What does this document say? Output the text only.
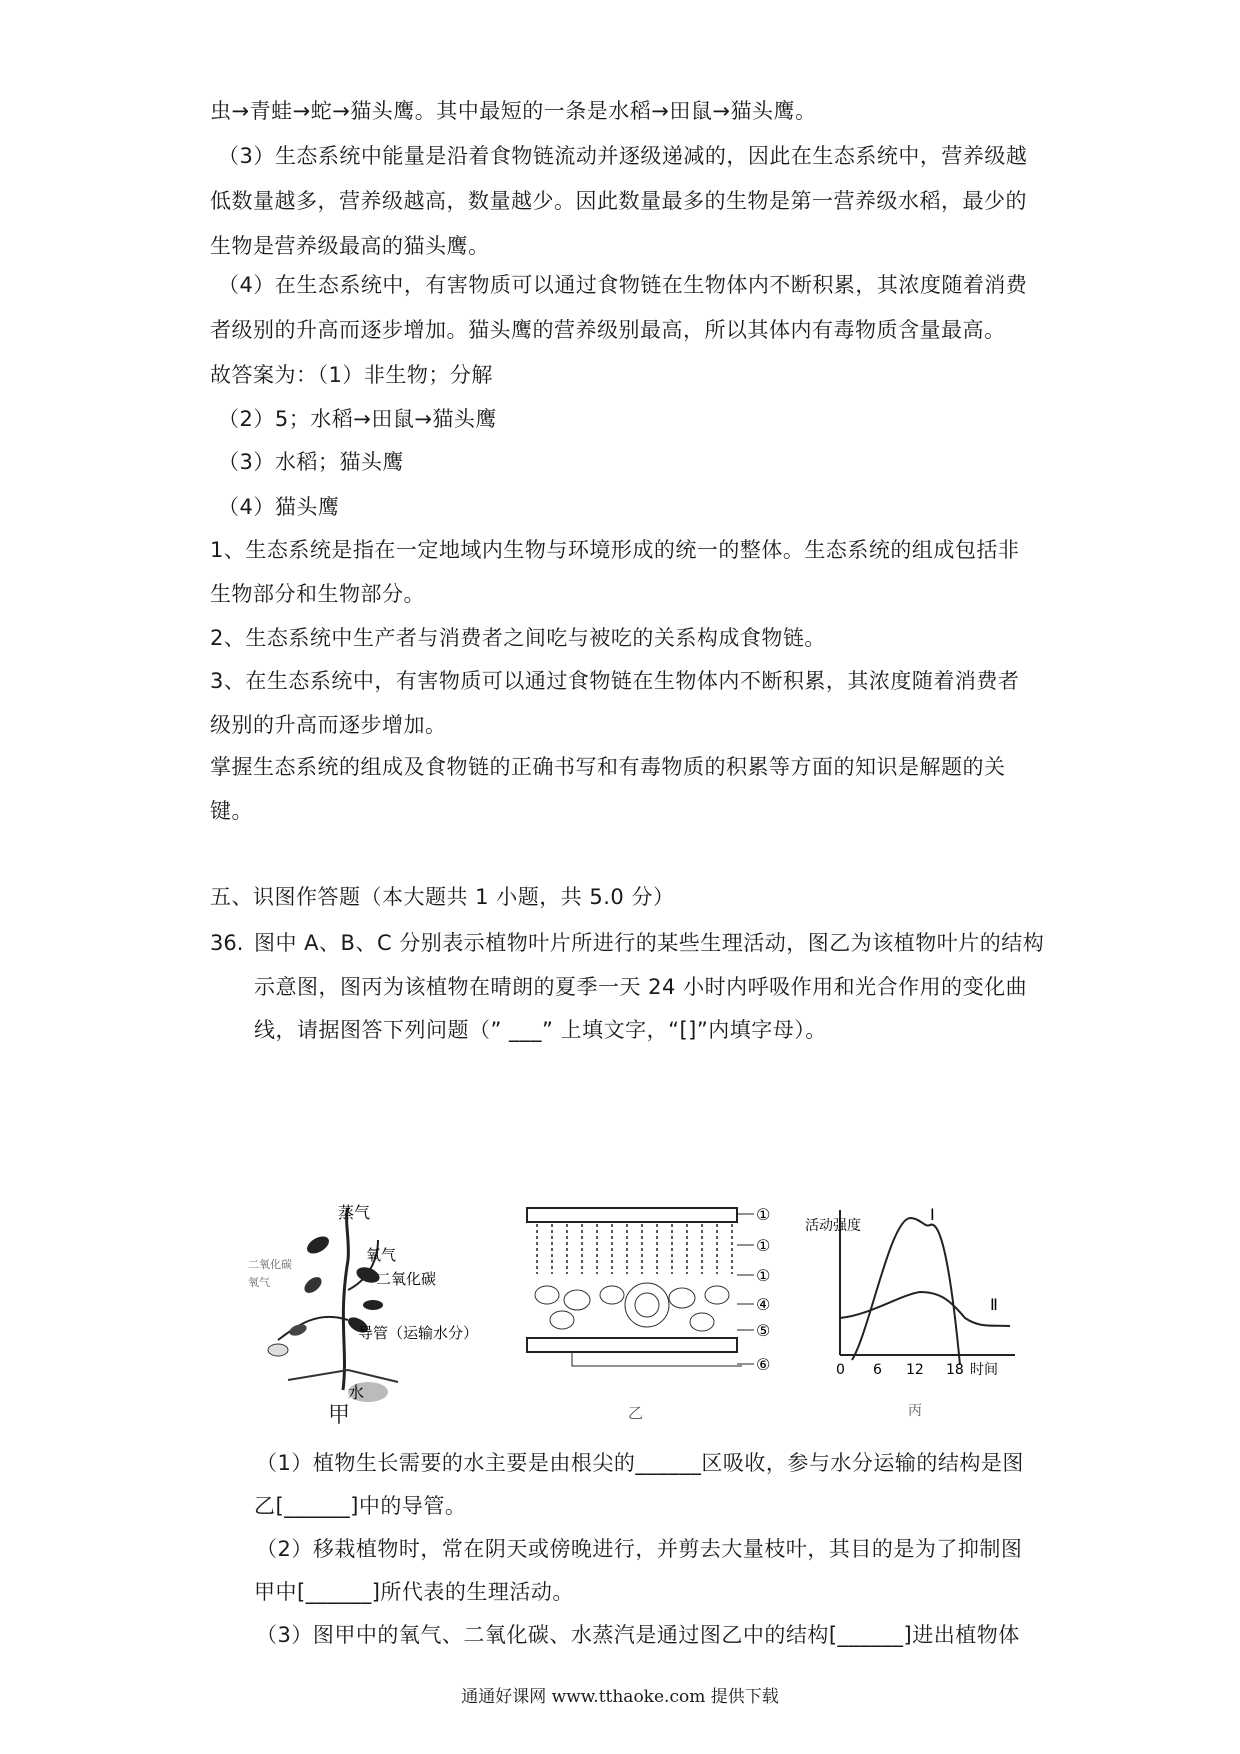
虫→青蛙→蛇→猫头鹰。其中最短的一条是水稻→田鼠→猫头鹰。
（3）生态系统中能量是沿着食物链流动并逐级递减的，因此在生态系统中，营养级越
低数量越多，营养级越高，数量越少。因此数量最多的生物是第一营养级水稻，最少的
生物是营养级最高的猫头鹰。
（4）在生态系统中，有害物质可以通过食物链在生物体内不断积累，其浓度随着消费
者级别的升高而逐步增加。猫头鹰的营养级别最高，所以其体内有毒物质含量最高。
故答案为：（1）非生物；分解
（2）5；水稻→田鼠→猫头鹰
（3）水稻；猫头鹰
（4）猫头鹰
1、生态系统是指在一定地域内生物与环境形成的统一的整体。生态系统的组成包括非
生物部分和生物部分。
2、生态系统中生产者与消费者之间吃与被吃的关系构成食物链。
3、在生态系统中，有害物质可以通过食物链在生物体内不断积累，其浓度随着消费者
级别的升高而逐步增加。
掌握生态系统的组成及食物链的正确书写和有毒物质的积累等方面的知识是解题的关
键。
五、识图作答题（本大题共 1 小题，共 5.0 分）
36. 图中 A、B、C 分别表示植物叶片所进行的某些生理活动，图乙为该植物叶片的结构
示意图，图丙为该植物在晴朗的夏季一天 24 小时内呼吸作用和光合作用的变化曲
线，请据图答下列问题（” ___” 上填文字，“[]”内填字母）。
蒸气
氧气
二氧化碳
导管（运输水分）
水
二氧化碳
氧气
甲
①
①
①
④
⑤
⑥
乙
活动强度
Ⅰ
Ⅱ
0 6 12 18 时间
丙
（1）植物生长需要的水主要是由根尖的______区吸收，参与水分运输的结构是图
乙[______]中的导管。
（2）移栽植物时，常在阴天或傍晚进行，并剪去大量枝叶，其目的是为了抑制图
甲中[______]所代表的生理活动。
（3）图甲中的氧气、二氧化碳、水蒸汽是通过图乙中的结构[______]进出植物体
通通好课网 www.tthaoke.com 提供下载
